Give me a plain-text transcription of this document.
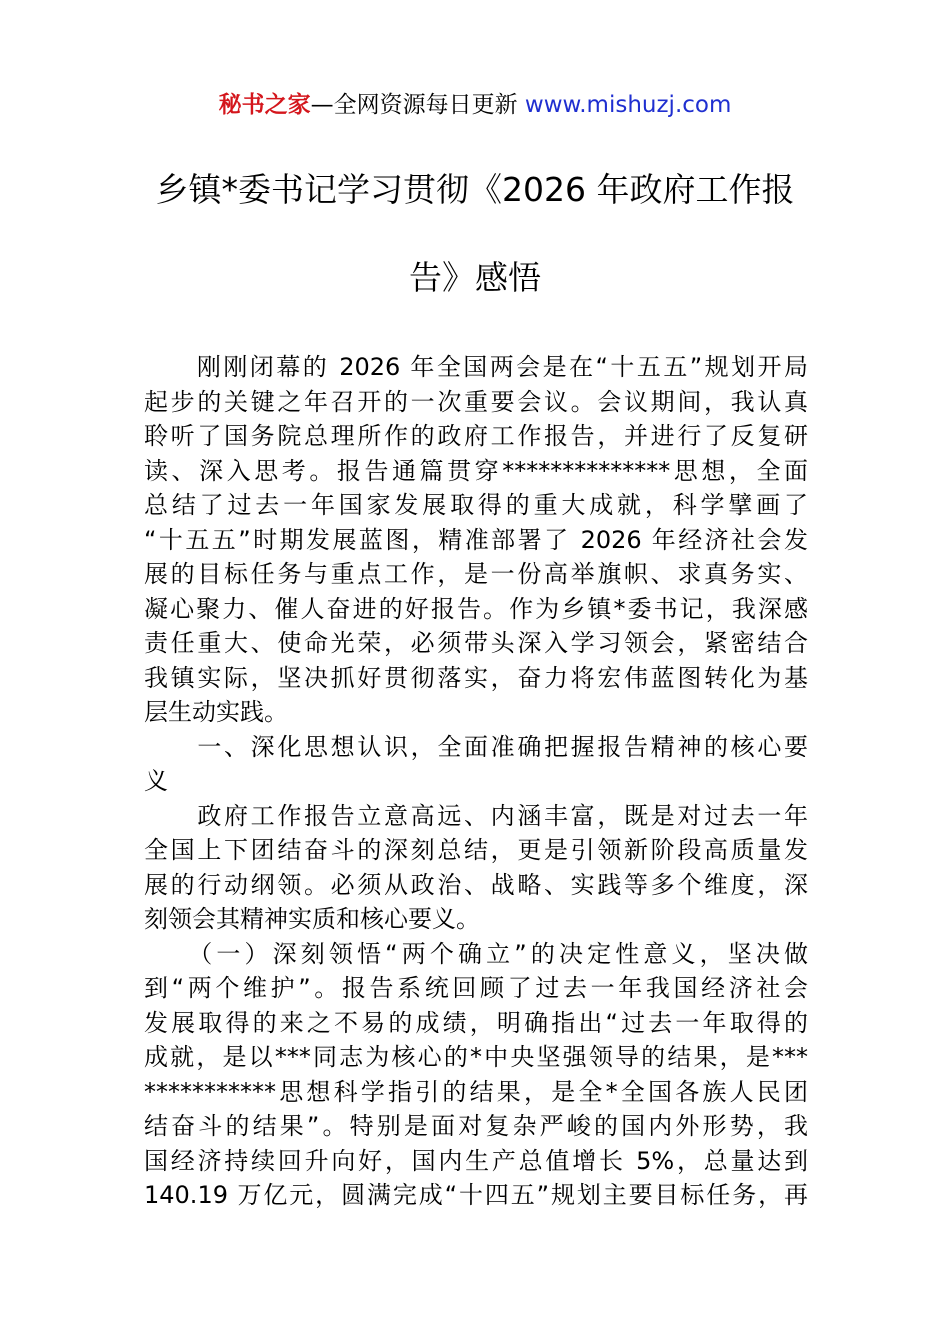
秘书之家—全网资源每日更新 www.mishuzj.com
乡镇*委书记学习贯彻《2026 年政府工作报
告》感悟
　　刚刚闭幕的 2026 年全国两会是在“十五五”规划开局
起步的关键之年召开的一次重要会议。会议期间，我认真
聆听了国务院总理所作的政府工作报告，并进行了反复研
读、深入思考。报告通篇贯穿**************思想，全面
总结了过去一年国家发展取得的重大成就，科学擘画了
“十五五”时期发展蓝图，精准部署了 2026 年经济社会发
展的目标任务与重点工作，是一份高举旗帜、求真务实、
凝心聚力、催人奋进的好报告。作为乡镇*委书记，我深感
责任重大、使命光荣，必须带头深入学习领会，紧密结合
我镇实际，坚决抓好贯彻落实，奋力将宏伟蓝图转化为基
层生动实践。
　　一、深化思想认识，全面准确把握报告精神的核心要
义
　　政府工作报告立意高远、内涵丰富，既是对过去一年
全国上下团结奋斗的深刻总结，更是引领新阶段高质量发
展的行动纲领。必须从政治、战略、实践等多个维度，深
刻领会其精神实质和核心要义。
　　（一）深刻领悟“两个确立”的决定性意义，坚决做
到“两个维护”。报告系统回顾了过去一年我国经济社会
发展取得的来之不易的成绩，明确指出“过去一年取得的
成就，是以***同志为核心的*中央坚强领导的结果，是***
***********思想科学指引的结果，是全*全国各族人民团
结奋斗的结果”。特别是面对复杂严峻的国内外形势，我
国经济持续回升向好，国内生产总值增长 5%，总量达到
140.19 万亿元，圆满完成“十四五”规划主要目标任务，再
